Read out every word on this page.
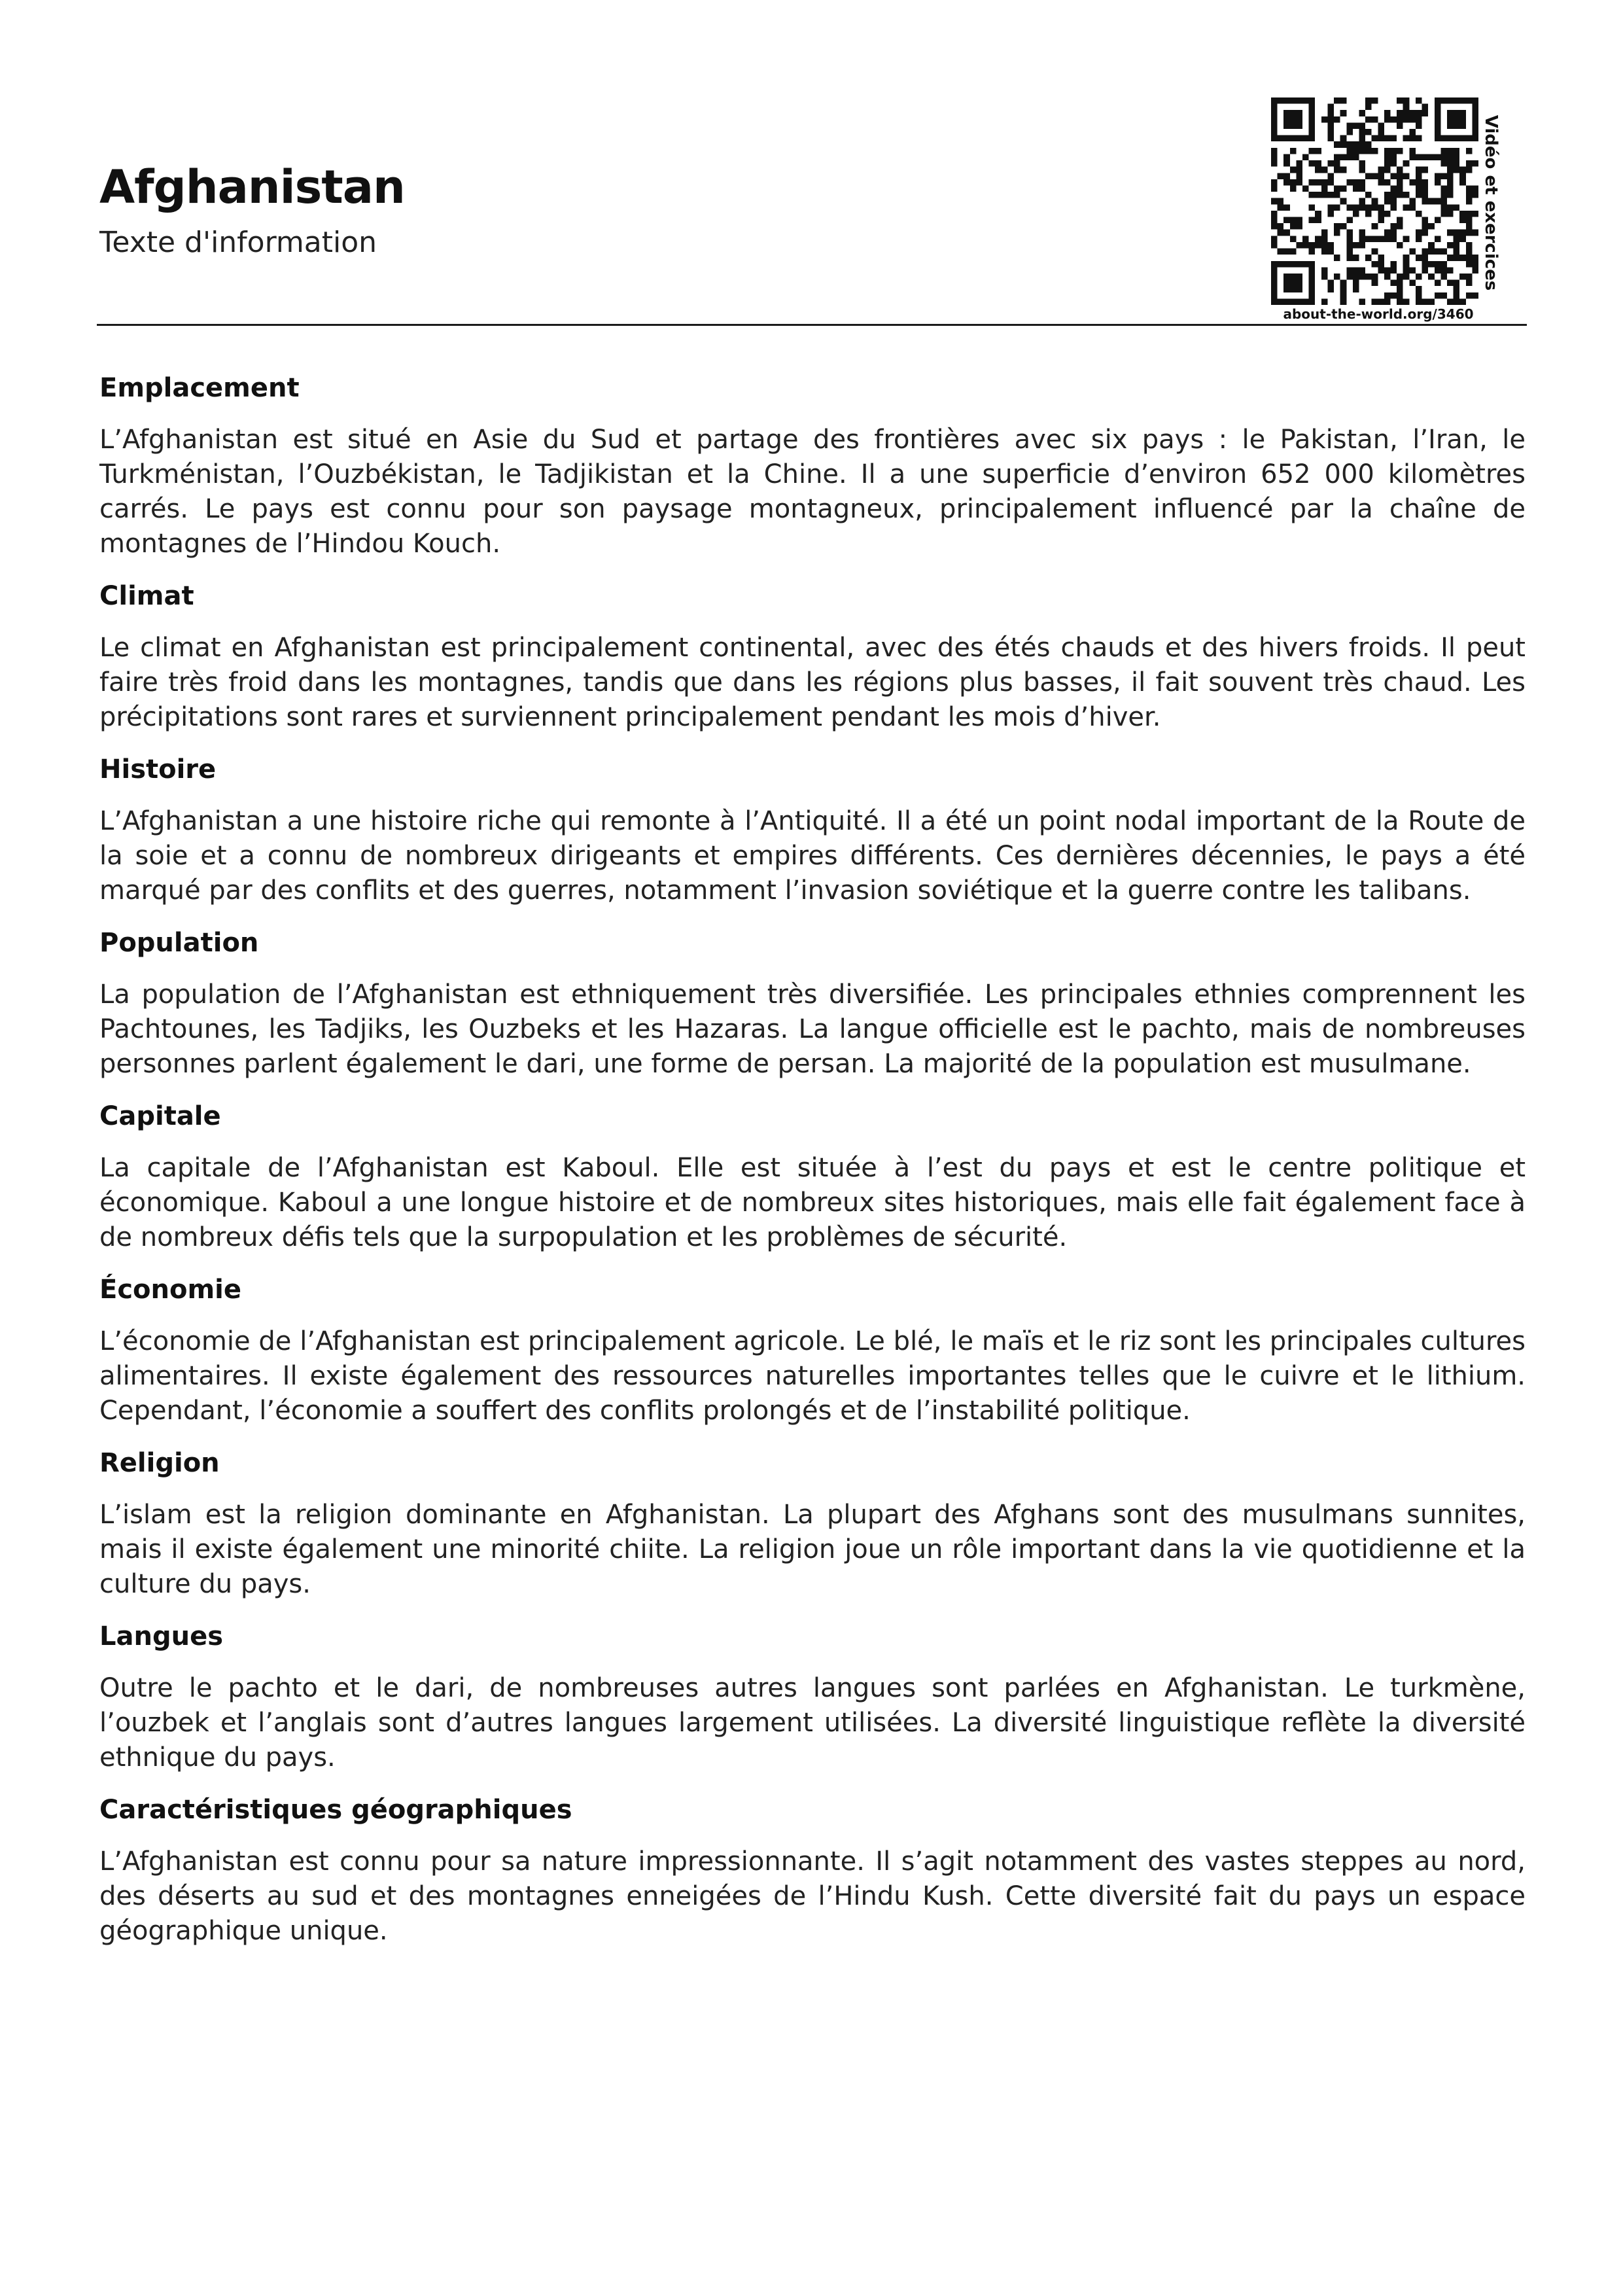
Afghanistan
Texte d'information
about-the-world.org/3460
Vidéo et exercices
Emplacement

L’Afghanistan est situé en Asie du Sud et partage des frontières avec six pays : le Pakistan, l’Iran, le Turkménistan, l’Ouzbékistan, le Tadjikistan et la Chine. Il a une superficie d’environ 652 000 kilomètres carrés. Le pays est connu pour son paysage montagneux, principalement influencé par la chaîne de montagnes de l’Hindou Kouch.

Climat

Le climat en Afghanistan est principalement continental, avec des étés chauds et des hivers froids. Il peut faire très froid dans les montagnes, tandis que dans les régions plus basses, il fait souvent très chaud. Les précipitations sont rares et surviennent principalement pendant les mois d’hiver.

Histoire

L’Afghanistan a une histoire riche qui remonte à l’Antiquité. Il a été un point nodal important de la Route de la soie et a connu de nombreux dirigeants et empires différents. Ces dernières décennies, le pays a été marqué par des conflits et des guerres, notamment l’invasion soviétique et la guerre contre les talibans.

Population

La population de l’Afghanistan est ethniquement très diversifiée. Les principales ethnies comprennent les Pachtounes, les Tadjiks, les Ouzbeks et les Hazaras. La langue officielle est le pachto, mais de nombreuses personnes parlent également le dari, une forme de persan. La majorité de la population est musulmane.

Capitale

La capitale de l’Afghanistan est Kaboul. Elle est située à l’est du pays et est le centre politique et économique. Kaboul a une longue histoire et de nombreux sites historiques, mais elle fait également face à de nombreux défis tels que la surpopulation et les problèmes de sécurité.

Économie

L’économie de l’Afghanistan est principalement agricole. Le blé, le maïs et le riz sont les principales cultures alimentaires. Il existe également des ressources naturelles importantes telles que le cuivre et le lithium. Cependant, l’économie a souffert des conflits prolongés et de l’instabilité politique.

Religion

L’islam est la religion dominante en Afghanistan. La plupart des Afghans sont des musulmans sunnites, mais il existe également une minorité chiite. La religion joue un rôle important dans la vie quotidienne et la culture du pays.

Langues

Outre le pachto et le dari, de nombreuses autres langues sont parlées en Afghanistan. Le turkmène, l’ouzbek et l’anglais sont d’autres langues largement utilisées. La diversité linguistique reflète la diversité ethnique du pays.

Caractéristiques géographiques

L’Afghanistan est connu pour sa nature impressionnante. Il s’agit notamment des vastes steppes au nord, des déserts au sud et des montagnes enneigées de l’Hindu Kush. Cette diversité fait du pays un espace géographique unique.
